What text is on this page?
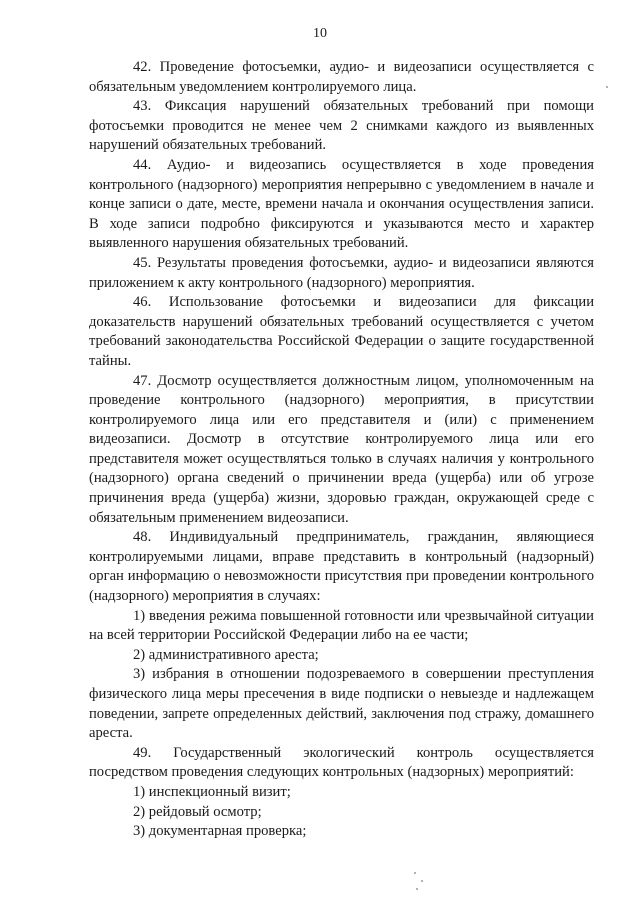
10

42. Проведение фотосъемки, аудио- и видеозаписи осуществляется с обязательным уведомлением контролируемого лица.

43. Фиксация нарушений обязательных требований при помощи фотосъемки проводится не менее чем 2 снимками каждого из выявленных нарушений обязательных требований.

44. Аудио- и видеозапись осуществляется в ходе проведения контрольного (надзорного) мероприятия непрерывно с уведомлением в начале и конце записи о дате, месте, времени начала и окончания осуществления записи. В ходе записи подробно фиксируются и указываются место и характер выявленного нарушения обязательных требований.

45. Результаты проведения фотосъемки, аудио- и видеозаписи являются приложением к акту контрольного (надзорного) мероприятия.

46. Использование фотосъемки и видеозаписи для фиксации доказательств нарушений обязательных требований осуществляется с учетом требований законодательства Российской Федерации о защите государственной тайны.

47. Досмотр осуществляется должностным лицом, уполномоченным на проведение контрольного (надзорного) мероприятия, в присутствии контролируемого лица или его представителя и (или) с применением видеозаписи. Досмотр в отсутствие контролируемого лица или его представителя может осуществляться только в случаях наличия у контрольного (надзорного) органа сведений о причинении вреда (ущерба) или об угрозе причинения вреда (ущерба) жизни, здоровью граждан, окружающей среде с обязательным применением видеозаписи.

48. Индивидуальный предприниматель, гражданин, являющиеся контролируемыми лицами, вправе представить в контрольный (надзорный) орган информацию о невозможности присутствия при проведении контрольного (надзорного) мероприятия в случаях:

1) введения режима повышенной готовности или чрезвычайной ситуации на всей территории Российской Федерации либо на ее части;

2) административного ареста;

3) избрания в отношении подозреваемого в совершении преступления физического лица меры пресечения в виде подписки о невыезде и надлежащем поведении, запрете определенных действий, заключения под стражу, домашнего ареста.

49. Государственный экологический контроль осуществляется посредством проведения следующих контрольных (надзорных) мероприятий:

1) инспекционный визит;

2) рейдовый осмотр;

3) документарная проверка;
